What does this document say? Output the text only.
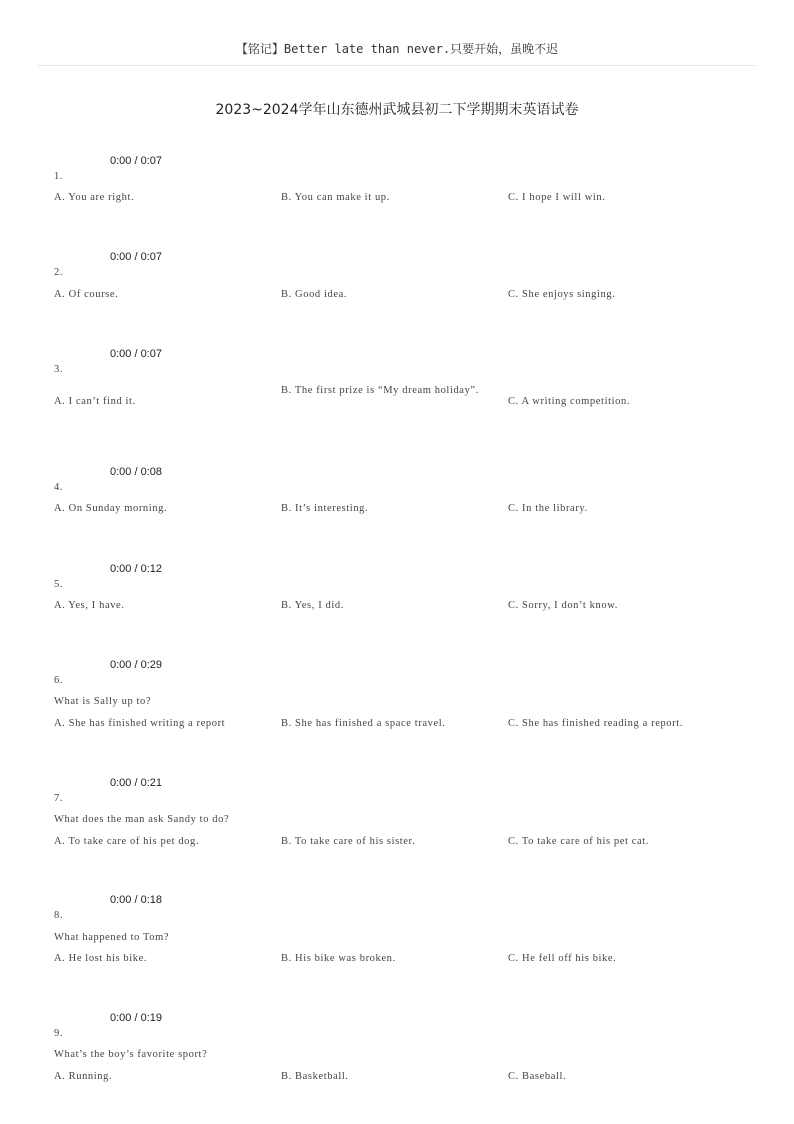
【铭记】Better late than never.只要开始，虽晚不迟
2023~2024学年山东德州武城县初二下学期期末英语试卷
0:00 / 0:07
1.
A. You are right.	B. You can make it up.	C. I hope I will win.
0:00 / 0:07
2.
A. Of course.	B. Good idea.	C. She enjoys singing.
0:00 / 0:07
3.
A. I can’t find it.
B. The first prize is “My dream holiday”.
C. A writing competition.
0:00 / 0:08
4.
A. On Sunday morning.	B. It’s interesting.	C. In the library.
0:00 / 0:12
5.
A. Yes, I have.	B. Yes, I did.	C. Sorry, I don’t know.
0:00 / 0:29
6.
What is Sally up to?
A. She has finished writing a report	B. She has finished a space travel.	C. She has finished reading a report.
0:00 / 0:21
7.
What does the man ask Sandy to do?
A. To take care of his pet dog.	B. To take care of his sister.	C. To take care of his pet cat.
0:00 / 0:18
8.
What happened to Tom?
A. He lost his bike.	B. His bike was broken.	C. He fell off his bike.
0:00 / 0:19
9.
What’s the boy’s favorite sport?
A. Running.	B. Basketball.	C. Baseball.
